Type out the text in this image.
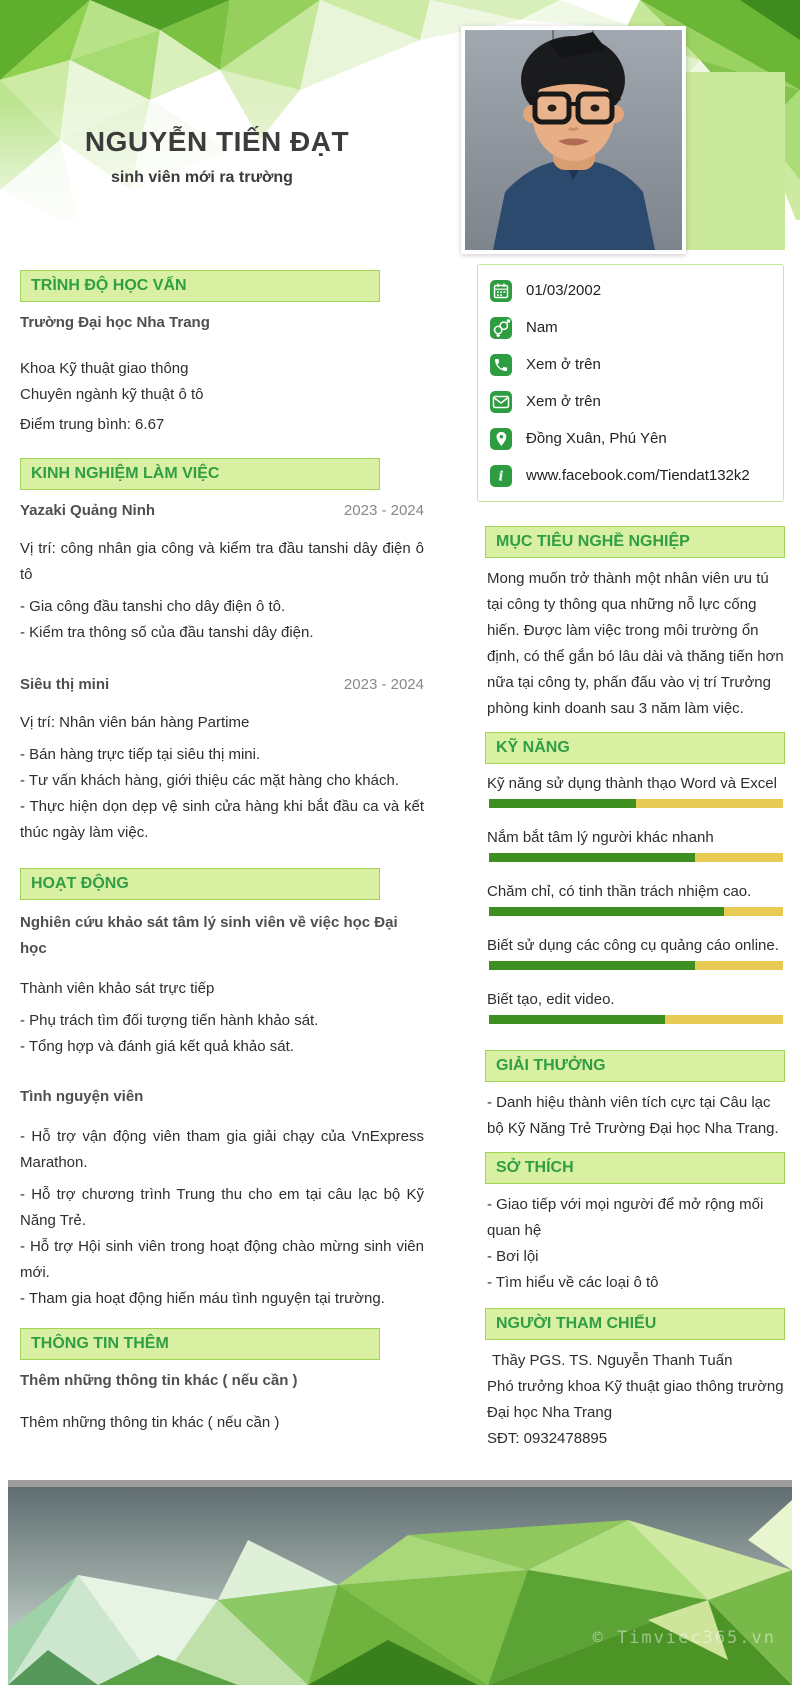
NGUYỄN TIẾN ĐẠT
sinh viên mới ra trường
TRÌNH ĐỘ HỌC VẤN

Trường Đại học Nha Trang

Khoa Kỹ thuật giao thông

Chuyên ngành kỹ thuật ô tô

Điểm trung bình: 6.67

KINH NGHIỆM LÀM VIỆC
Yazaki Quảng Ninh	2023 - 2024

Vị trí: công nhân gia công và kiểm tra đầu tanshi dây điện ô tô

- Gia công đầu tanshi cho dây điện ô tô.

- Kiểm tra thông số của đầu tanshi dây điện.

Siêu thị mini	2023 - 2024

Vị trí: Nhân viên bán hàng Partime

- Bán hàng trực tiếp tại siêu thị mini.

- Tư vấn khách hàng, giới thiệu các mặt hàng cho khách.

- Thực hiện dọn dẹp vệ sinh cửa hàng khi bắt đầu ca và kết thúc ngày làm việc.

HOẠT ĐỘNG

Nghiên cứu khảo sát tâm lý sinh viên về việc học Đại học

Thành viên khảo sát trực tiếp

- Phụ trách tìm đối tượng tiến hành khảo sát.

- Tổng hợp và đánh giá kết quả khảo sát.

Tình nguyện viên

- Hỗ trợ vận động viên tham gia giải chạy của VnExpress Marathon.

- Hỗ trợ chương trình Trung thu cho em tại câu lạc bộ Kỹ Năng Trẻ.

- Hỗ trợ Hội sinh viên trong hoạt động chào mừng sinh viên mới.

- Tham gia hoạt động hiến máu tình nguyện tại trường.

THÔNG TIN THÊM

Thêm những thông tin khác ( nếu cần )

Thêm những thông tin khác ( nếu cần )

01/03/2002
Nam
Xem ở trên
Xem ở trên
Đồng Xuân, Phú Yên
i www.facebook.com/Tiendat132k2
MỤC TIÊU NGHỀ NGHIỆP

Mong muốn trở thành một nhân viên ưu tú tại công ty thông qua những nỗ lực cống hiến. Được làm việc trong môi trường ổn định, có thể gắn bó lâu dài và thăng tiến hơn nữa tại công ty, phấn đấu vào vị trí Trưởng phòng kinh doanh sau 3 năm làm việc.

KỸ NĂNG

Kỹ năng sử dụng thành thạo Word và Excel

Nắm bắt tâm lý người khác nhanh

Chăm chỉ, có tinh thần trách nhiệm cao.

Biết sử dụng các công cụ quảng cáo online.

Biết tạo, edit video.

GIẢI THƯỞNG

- Danh hiệu thành viên tích cực tại Câu lạc bộ Kỹ Năng Trẻ Trường Đại học Nha Trang.

SỞ THÍCH

- Giao tiếp với mọi người để mở rộng mối quan hệ

- Bơi lội

- Tìm hiểu về các loại ô tô

NGƯỜI THAM CHIẾU

Thầy PGS. TS. Nguyễn Thanh Tuấn

Phó trưởng khoa Kỹ thuật giao thông trường Đại học Nha Trang

SĐT: 0932478895

© Timviec365.vn
